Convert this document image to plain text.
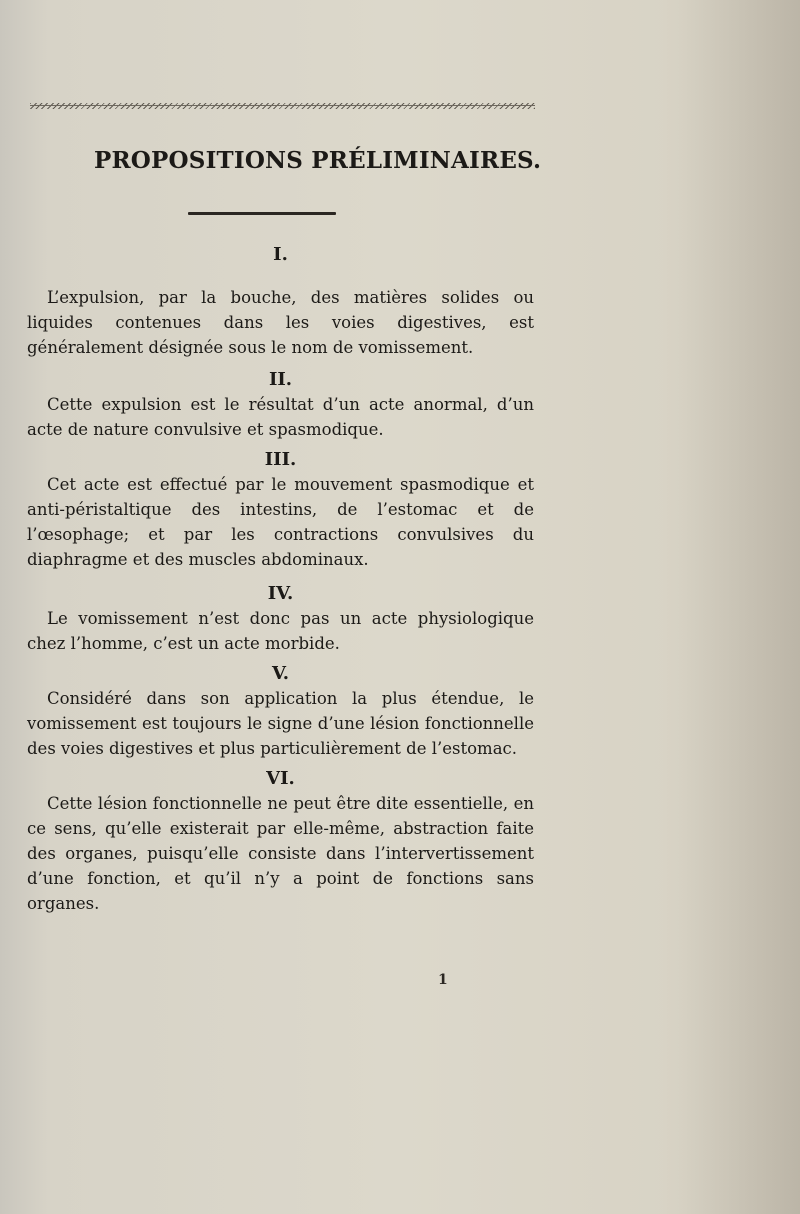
PROPOSITIONS PRÉLIMINAIRES.

I.

L’expulsion, par la bouche, des matières solides ou liquides contenues dans les voies digestives, est généralement désignée sous le nom de vomissement.

II.

Cette expulsion est le résultat d’un acte anormal, d’un acte de nature convulsive et spasmodique.

III.

Cet acte est effectué par le mouvement spasmodique et anti-péristaltique des intestins, de l’estomac et de l’œsophage; et par les contractions convulsives du diaphragme et des muscles abdominaux.

IV.

Le vomissement n’est donc pas un acte physiologique chez l’homme, c’est un acte morbide.

V.

Considéré dans son application la plus étendue, le vomissement est toujours le signe d’une lésion fonctionnelle des voies digestives et plus particulièrement de l’estomac.

VI.

Cette lésion fonctionnelle ne peut être dite essentielle, en ce sens, qu’elle existerait par elle-même, abstraction faite des organes, puisqu’elle consiste dans l’intervertissement d’une fonction, et qu’il n’y a point de fonctions sans organes.

1
